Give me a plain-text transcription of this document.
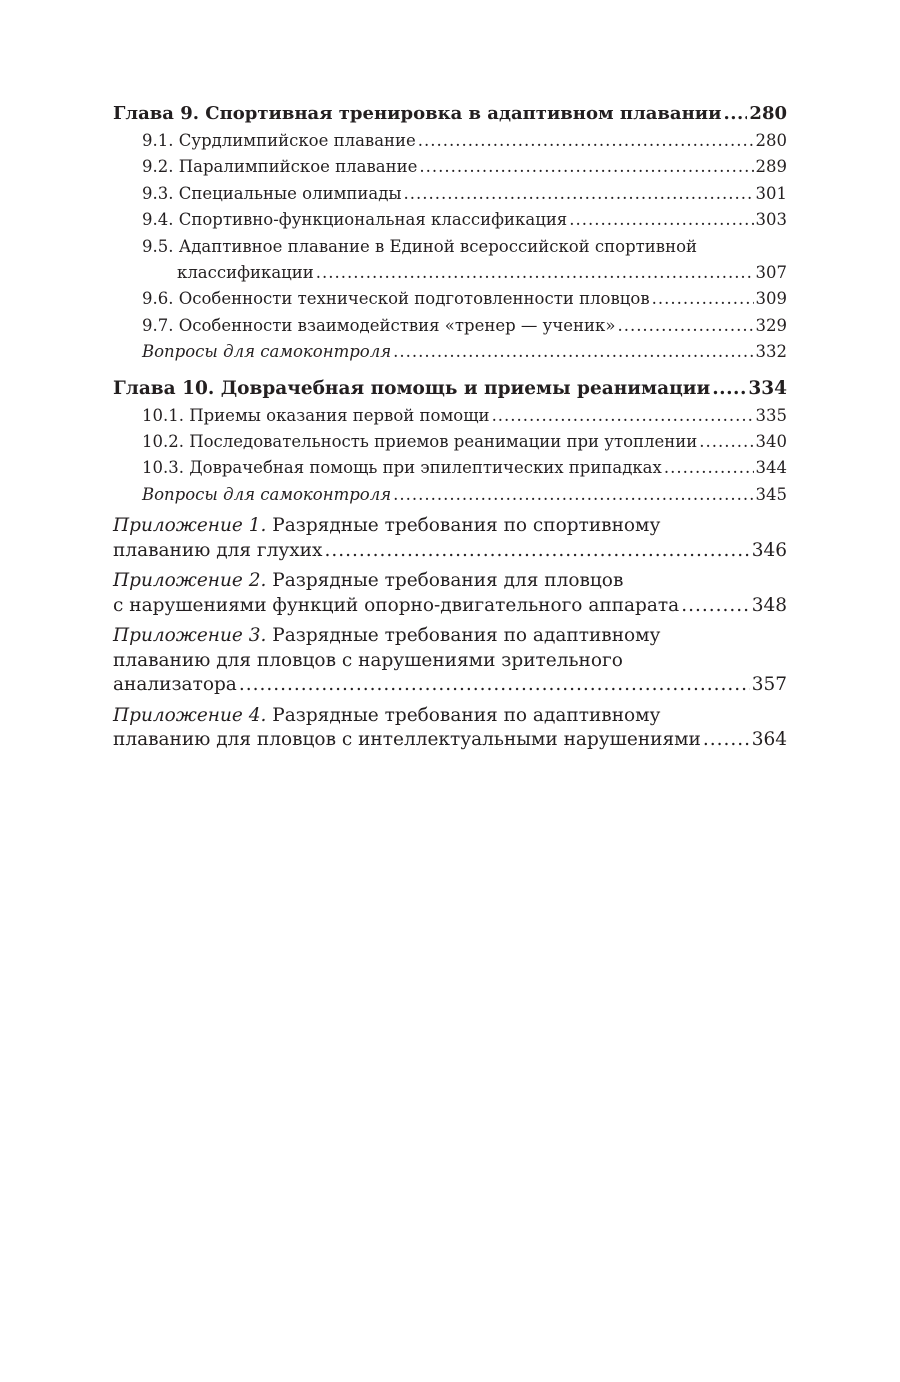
Глава 9. Спортивная тренировка в адаптивном плавании ..... 280
9.1. Сурдлимпийское плавание .....	280
9.2. Паралимпийское плавание .....	289
9.3. Специальные олимпиады .....	301
9.4. Спортивно-функциональная классификация .....	303
9.5. Адаптивное плавание в Единой всероссийской спортивной
классификации .....	307
9.6. Особенности технической подготовленности пловцов .....	309
9.7. Особенности взаимодействия «тренер — ученик» .....	329
Вопросы для самоконтроля .....	332
Глава 10. Доврачебная помощь и приемы реанимации ..... 334
10.1. Приемы оказания первой помощи .....	335
10.2. Последовательность приемов реанимации при утоплении .....	340
10.3. Доврачебная помощь при эпилептических припадках .....	344
Вопросы для самоконтроля .....	345
Приложение 1. Разрядные требования по спортивному
плаванию для глухих .....	346
Приложение 2. Разрядные требования для пловцов
с нарушениями функций опорно-двигательного аппарата .....	348
Приложение 3. Разрядные требования по адаптивному
плаванию для пловцов с нарушениями зрительного
анализатора .....	357
Приложение 4. Разрядные требования по адаптивному
плаванию для пловцов с интеллектуальными нарушениями .....	364
